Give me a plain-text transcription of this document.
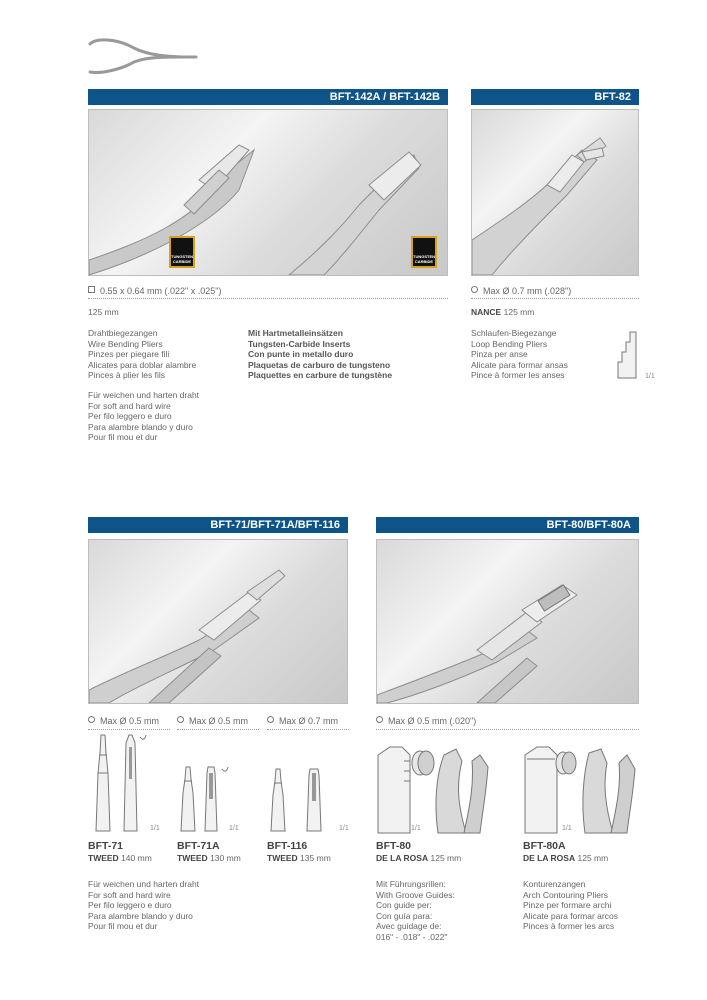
BFT-142A / BFT-142B
TUNGSTEN
CARBIDE
TUNGSTEN
CARBIDE
0.55 x 0.64 mm (.022" x .025")
125 mm
Drahtbiegezangen
Wire Bending Pliers
Pinzes per piegare fili
Alicates para doblar alambre
Pinces à plier les fils
Mit Hartmetalleinsätzen
Tungsten-Carbide Inserts
Con punte in metallo duro
Plaquetas de carburo de tungsteno
Plaquettes en carbure de tungstène
Für weichen und harten draht
For soft and hard wire
Per filo leggero e duro
Para alambre blando y duro
Pour fil mou et dur
BFT-82
Max Ø 0.7 mm (.028")
NANCE 125 mm
Schlaufen-Biegezange
Loop Bending Pliers
Pinza per anse
Alicate para formar ansas
Pince à former les anses	1/1
BFT-71/BFT-71A/BFT-116
Max Ø 0.5 mm	Max Ø 0.5 mm	Max Ø 0.7 mm
1/1	1/1	1/1
BFT-71
TWEED 140 mm
BFT-71A
TWEED 130 mm
BFT-116
TWEED 135 mm
Für weichen und harten draht
For soft and hard wire
Per filo leggero e duro
Para alambre blando y duro
Pour fil mou et dur
BFT-80/BFT-80A
Max Ø 0.5 mm (.020")
1/1	1/1
BFT-80
DE LA ROSA 125 mm
BFT-80A
DE LA ROSA 125 mm
Mit Führungsrillen:
With Groove Guides:
Con guide per:
Con guía para:
Avec guidage de:
016" - .018" - .022"
Konturenzangen
Arch Contouring Pliers
Pinze per formare archi
Alicate para formar arcos
Pinces à former les arcs
